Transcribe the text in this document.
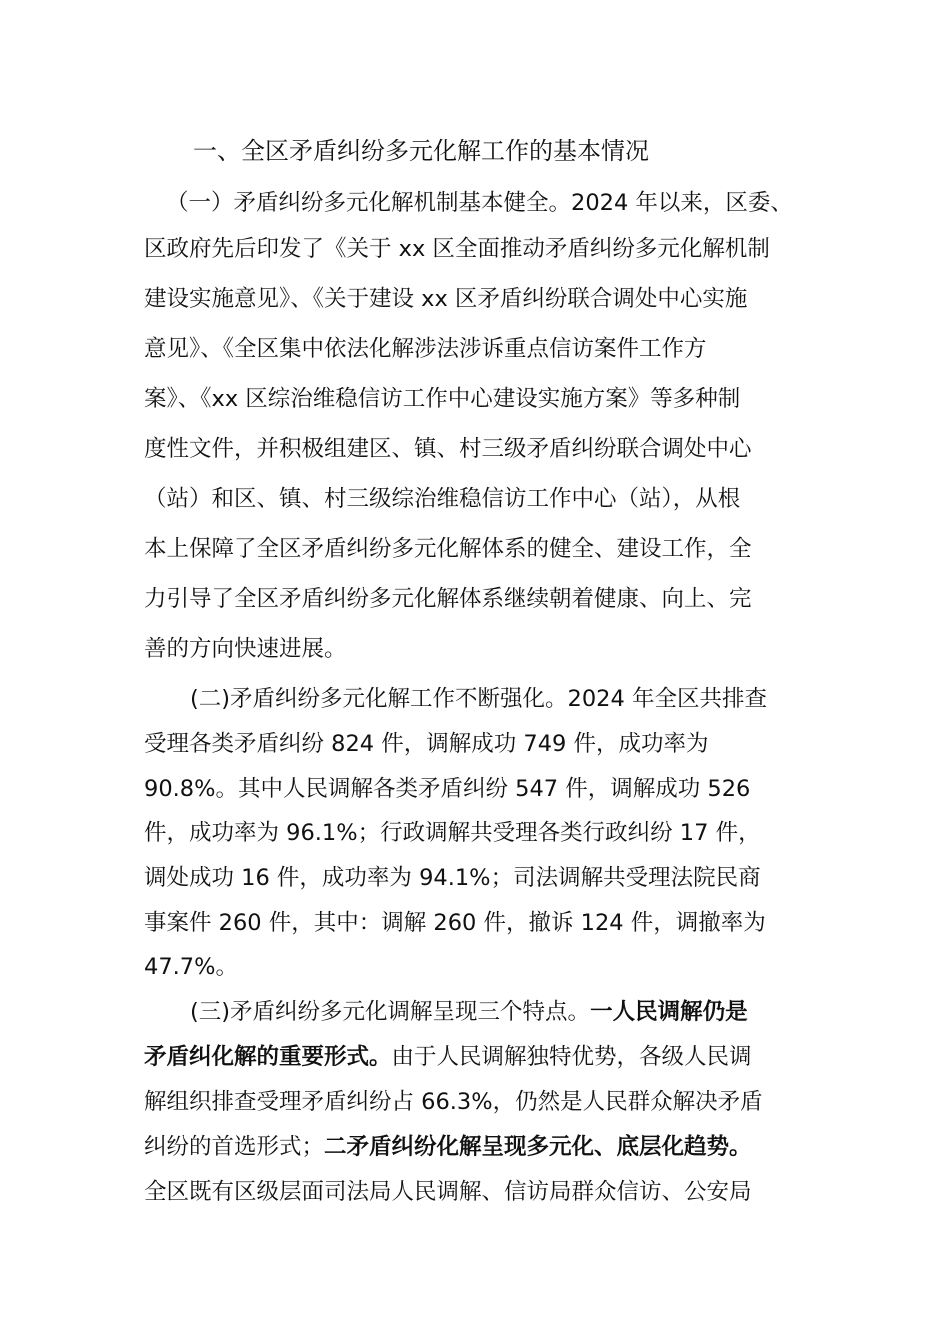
一、全区矛盾纠纷多元化解工作的基本情况
（一）矛盾纠纷多元化解机制基本健全。2024 年以来，区委、
区政府先后印发了《关于 xx 区全面推动矛盾纠纷多元化解机制
建设实施意见》、《关于建设 xx 区矛盾纠纷联合调处中心实施
意见》、《全区集中依法化解涉法涉诉重点信访案件工作方
案》、《xx 区综治维稳信访工作中心建设实施方案》等多种制
度性文件，并积极组建区、镇、村三级矛盾纠纷联合调处中心
（站）和区、镇、村三级综治维稳信访工作中心（站），从根
本上保障了全区矛盾纠纷多元化解体系的健全、建设工作，全
力引导了全区矛盾纠纷多元化解体系继续朝着健康、向上、完
善的方向快速进展。
(二)矛盾纠纷多元化解工作不断强化。2024 年全区共排查
受理各类矛盾纠纷 824 件，调解成功 749 件，成功率为
90.8%。其中人民调解各类矛盾纠纷 547 件，调解成功 526
件，成功率为 96.1%；行政调解共受理各类行政纠纷 17 件，
调处成功 16 件，成功率为 94.1%；司法调解共受理法院民商
事案件 260 件，其中：调解 260 件，撤诉 124 件，调撤率为
47.7%。
(三)矛盾纠纷多元化调解呈现三个特点。一人民调解仍是
矛盾纠化解的重要形式。由于人民调解独特优势，各级人民调
解组织排查受理矛盾纠纷占 66.3%，仍然是人民群众解决矛盾
纠纷的首选形式；二矛盾纠纷化解呈现多元化、底层化趋势。
全区既有区级层面司法局人民调解、信访局群众信访、公安局
